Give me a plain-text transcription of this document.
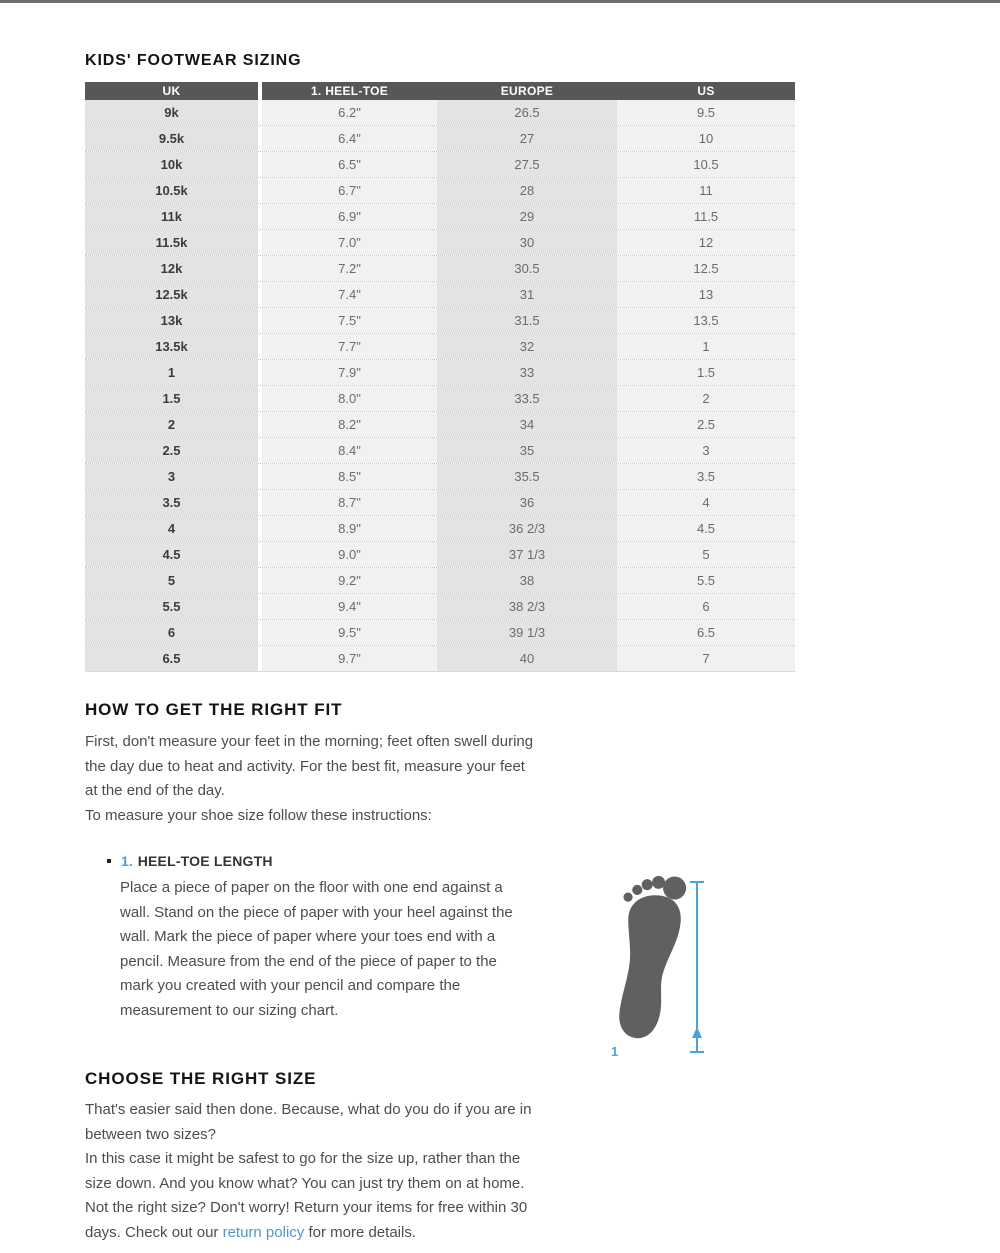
KIDS' FOOTWEAR SIZING
UK	1. HEEL-TOE	EUROPE	US
9k	6.2"	26.5	9.5
9.5k	6.4"	27	10
10k	6.5"	27.5	10.5
10.5k	6.7"	28	11
11k	6.9"	29	11.5
11.5k	7.0"	30	12
12k	7.2"	30.5	12.5
12.5k	7.4"	31	13
13k	7.5"	31.5	13.5
13.5k	7.7"	32	1
1	7.9"	33	1.5
1.5	8.0"	33.5	2
2	8.2"	34	2.5
2.5	8.4"	35	3
3	8.5"	35.5	3.5
3.5	8.7"	36	4
4	8.9"	36 2/3	4.5
4.5	9.0"	37 1/3	5
5	9.2"	38	5.5
5.5	9.4"	38 2/3	6
6	9.5"	39 1/3	6.5
6.5	9.7"	40	7
HOW TO GET THE RIGHT FIT
First, don't measure your feet in the morning; feet often swell during the day due to heat and activity. For the best fit, measure your feet at the end of the day.
To measure your shoe size follow these instructions:
1. HEEL-TOE LENGTH
Place a piece of paper on the floor with one end against a wall. Stand on the piece of paper with your heel against the wall. Mark the piece of paper where your toes end with a pencil. Measure from the end of the piece of paper to the mark you created with your pencil and compare the measurement to our sizing chart.
CHOOSE THE RIGHT SIZE
That's easier said then done. Because, what do you do if you are in between two sizes?
In this case it might be safest to go for the size up, rather than the size down. And you know what? You can just try them on at home.
Not the right size? Don't worry! Return your items for free within 30 days. Check out our return policy for more details.
1
